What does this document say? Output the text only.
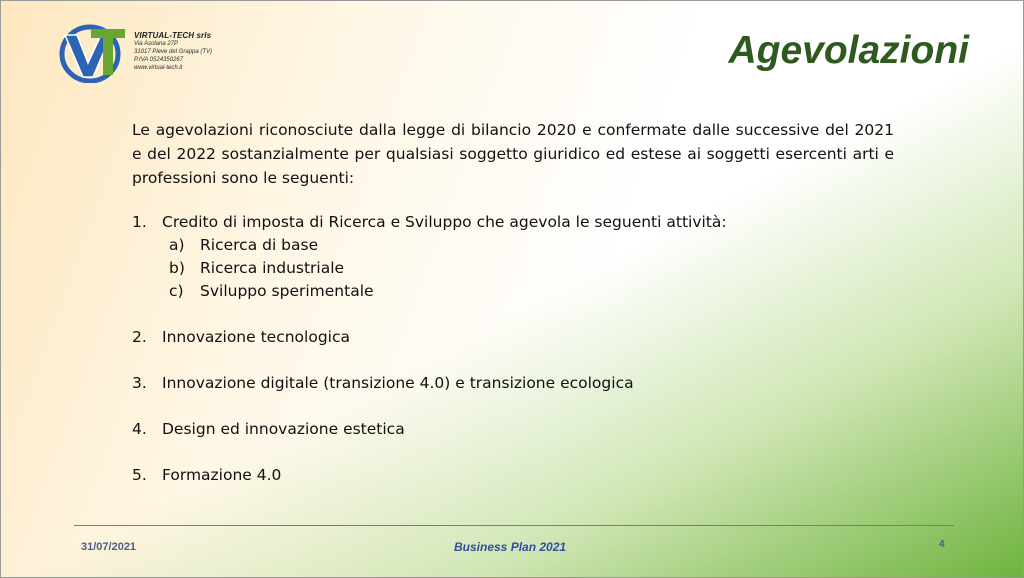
VIRTUAL-TECH srls
Via Asolana 27P
31017 Pieve del Grappa (TV)
P.IVA 0524350267
www.virtual-tech.it	Agevolazioni

Le agevolazioni riconosciute dalla legge di bilancio 2020 e confermate dalle successive del 2021 e del 2022 sostanzialmente per qualsiasi soggetto giuridico ed estese ai soggetti esercenti arti e professioni sono le seguenti:

1. Credito di imposta di Ricerca e Sviluppo che agevola le seguenti attività:
a) Ricerca di base
b) Ricerca industriale
c)	Sviluppo sperimentale
2. Innovazione tecnologica
3. Innovazione digitale (transizione 4.0) e transizione ecologica
4. Design ed innovazione estetica
5. Formazione 4.0
31/07/2021	Business Plan 2021	4
